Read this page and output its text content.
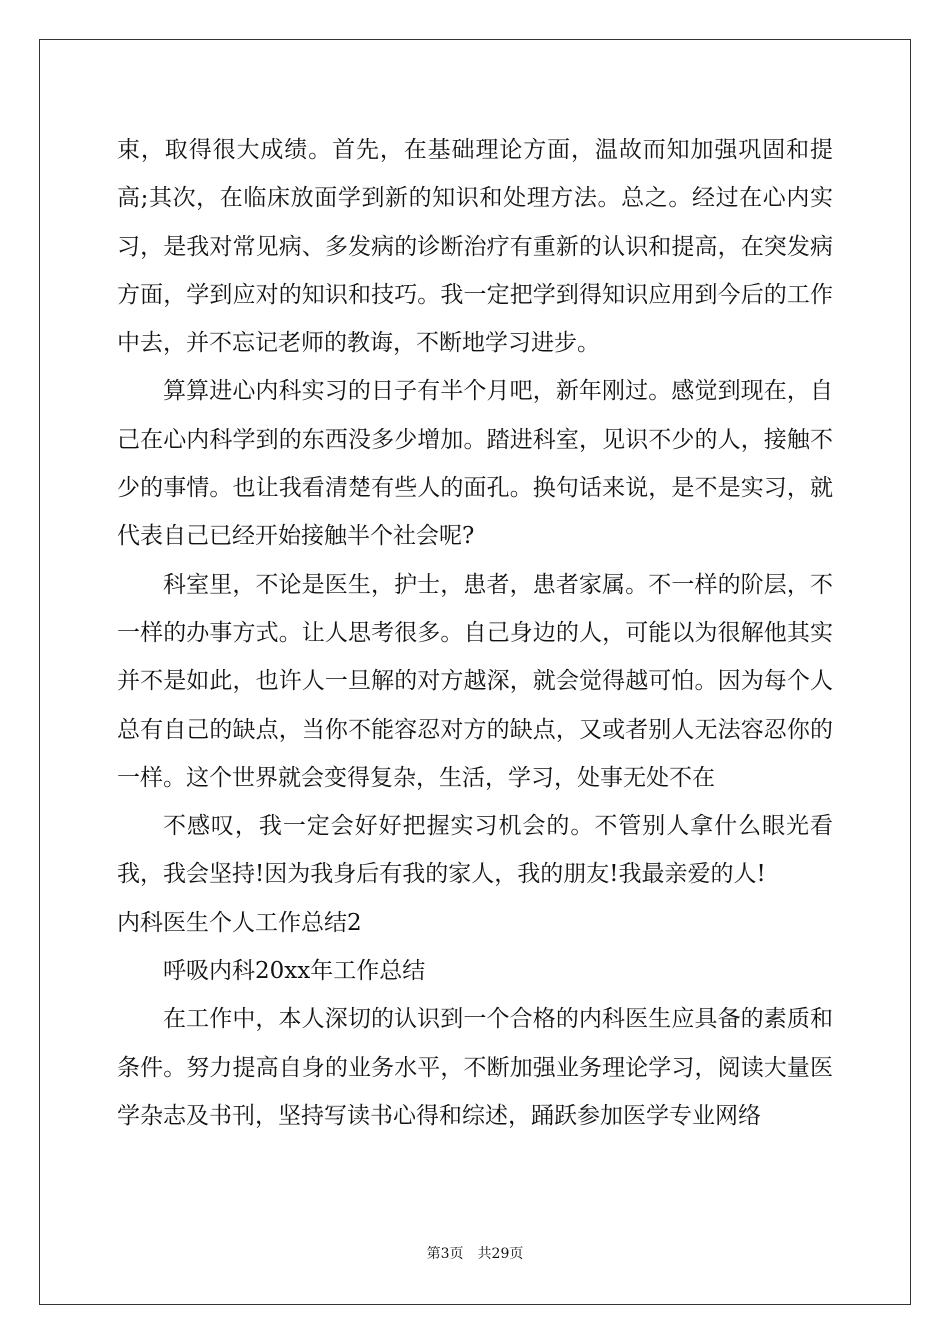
束，取得很大成绩。首先，在基础理论方面，温故而知加强巩固和提高;其次，在临床放面学到新的知识和处理方法。总之。经过在心内实习，是我对常见病、多发病的诊断治疗有重新的认识和提高，在突发病方面，学到应对的知识和技巧。我一定把学到得知识应用到今后的工作中去，并不忘记老师的教诲，不断地学习进步。

算算进心内科实习的日子有半个月吧，新年刚过。感觉到现在，自己在心内科学到的东西没多少增加。踏进科室，见识不少的人，接触不少的事情。也让我看清楚有些人的面孔。换句话来说，是不是实习，就代表自己已经开始接触半个社会呢?

科室里，不论是医生，护士，患者，患者家属。不一样的阶层，不一样的办事方式。让人思考很多。自己身边的人，可能以为很解他其实并不是如此，也许人一旦解的对方越深，就会觉得越可怕。因为每个人总有自己的缺点，当你不能容忍对方的缺点，又或者别人无法容忍你的一样。这个世界就会变得复杂，生活，学习，处事无处不在

不感叹，我一定会好好把握实习机会的。不管别人拿什么眼光看我，我会坚持!因为我身后有我的家人，我的朋友!我最亲爱的人!

内科医生个人工作总结2

呼吸内科20xx年工作总结

在工作中，本人深切的认识到一个合格的内科医生应具备的素质和条件。努力提高自身的业务水平，不断加强业务理论学习，阅读大量医学杂志及书刊，坚持写读书心得和综述，踊跃参加医学专业网络

第3页 共29页
